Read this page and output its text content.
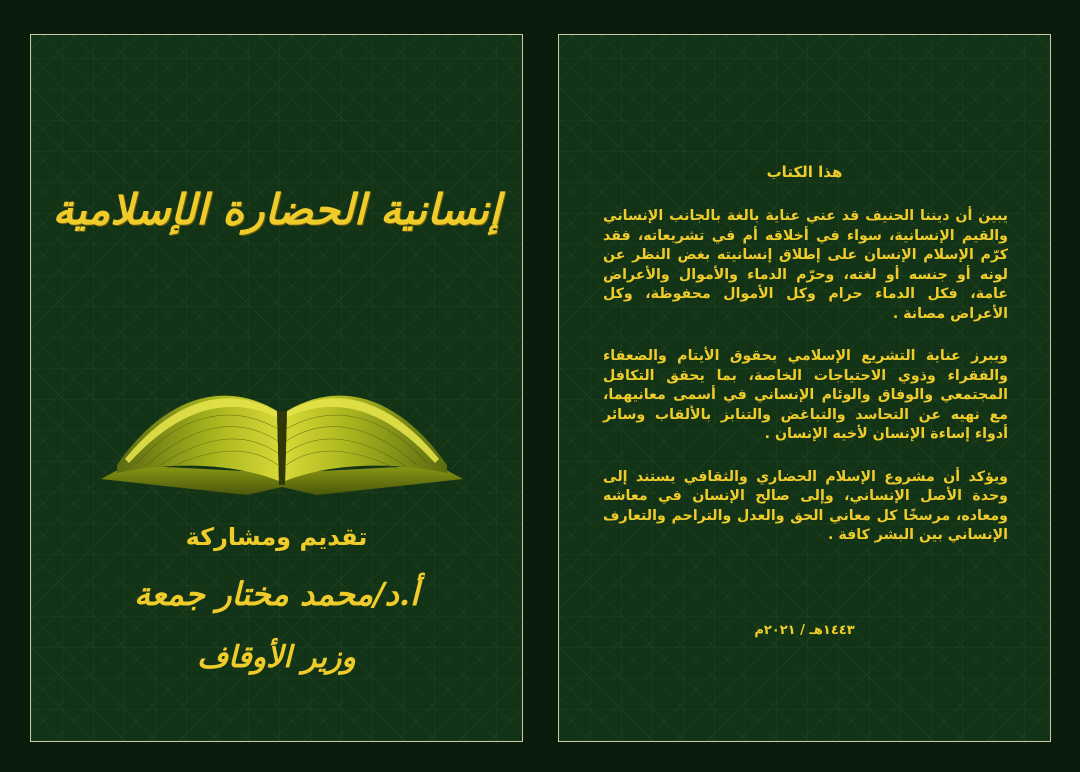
إنسانية الحضارة الإسلامية
تقديم ومشاركة
أ.د/محمد مختار جمعة
وزير الأوقاف
هذا الكتاب

يبين أن ديننا الحنيف قد عني عناية بالغة بالجانب الإنساني والقيم الإنسانية، سواء في أخلاقه أم في تشريعاته، فقد كرّم الإسلام الإنسان على إطلاق إنسانيته بغض النظر عن لونه أو جنسه أو لغته، وحرّم الدماء والأموال والأعراض عامة، فكل الدماء حرام وكل الأموال محفوظة، وكل الأعراض مصانة .

ويبرز عناية التشريع الإسلامي بحقوق الأيتام والضعفاء والفقراء وذوي الاحتياجات الخاصة، بما يحقق التكافل المجتمعي والوفاق والوئام الإنساني في أسمى معانيهما، مع نهيه عن التحاسد والتباغض والتنابز بالألقاب وسائر أدواء إساءة الإنسان لأخيه الإنسان .

ويؤكد أن مشروع الإسلام الحضاري والثقافي يستند إلى وحدة الأصل الإنساني، وإلى صالح الإنسان في معاشه ومعاده، مرسخًا كل معاني الحق والعدل والتراحم والتعارف الإنساني بين البشر كافة .

١٤٤٣هـ / ٢٠٢١م
